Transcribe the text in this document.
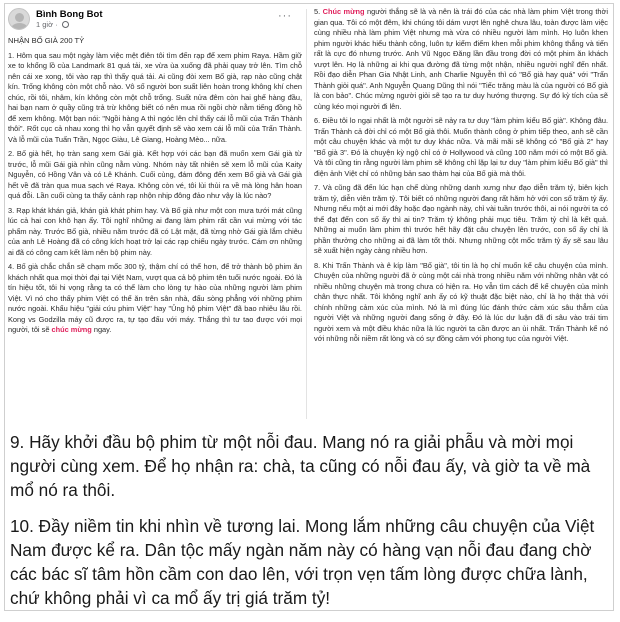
Bình Bong Bot
1 giờ ·
···
NHẬN BỐ GIÀ 200 TỶ

1. Hôm qua sau một ngày làm việc mệt điên tôi tìm đến rạp để xem phim Raya. Hầm giữ xe to khổng lồ của Landmark 81 quá tải, xe vừa ùa xuống đã phải quay trở lên. Tìm chỗ nên cái xe xong, tôi vào rạp thì thấy quá tải. Ai cũng đòi xem Bố già, rạp nào cũng chật kín. Trống không còn một chỗ nào. Vô số người bon suất liên hoàn trong không khí chen chúc, rồi tôi, nhâm, kín không còn một chỗ trống. Suất nửa đêm còn hai ghế hàng đầu, hai bạn nam ở quầy cũng trả trừ không biết có nên mua rồi ngồi chờ nằm tiếng đồng hồ để xem không. Một bạn nói: "Ngồi hàng A thì ngóc lên chỉ thấy cái lỗ mũi của Trấn Thành thôi". Rốt cục cả nhau xong thì họ vẫn quyết định sẽ vào xem cái lỗ mũi của Trấn Thành. Và lỗ mũi của Tuấn Trần, Ngọc Giàu, Lê Giang, Hoàng Mèo... nữa.

2. Bố già hết, họ tràn sang xem Gái già. Kết hợp với các bạn đã muốn xem Gái già từ trước, lỗ mũi Gái già nhìn cũng nằm vùng. Nhóm này tất nhiên sẽ xem lỗ mũi của Kaity Nguyễn, có Hồng Vân và có Lê Khánh. Cuối cùng, đám đông đến xem Bố già và Gái già hết về đã tràn qua mua sạch vé Raya. Không còn vé, tôi lủi thủi ra về mà lòng hân hoan quá đỗi. Lần cuối cùng ta thấy cảnh rạp nhộn nhịp đông đảo như vậy là lúc nào?

3. Rạp khát khán giả, khán giả khát phim hay. Và Bố già như một con mưa tưới mát cũng lúc cả hai con khô hạn ấy. Tôi nghĩ những ai đang làm phim rất cần vui mừng với tác phẩm này. Trước Bố già, nhiều năm trước đã có Lật mặt, đã từng nhờ Gái già lắm chiêu của anh Lê Hoàng đã có công kích hoạt trở lại các rạp chiếu ngày trước. Cám ơn những ai đã có công cam kết làm nên bộ phim này.

4. Bố già chắc chắn sẽ chạm mốc 300 tỷ, thậm chí có thể hơn, để trở thành bộ phim ăn khách nhất qua mọi thời đại tại Việt Nam, vượt qua cả bộ phim tên tuổi nước ngoài. Đó là tín hiệu tốt, tôi hi vọng rằng ta có thể làm cho lòng tự hào của những người làm phim Việt. Vì nó cho thấy phim Việt có thể ăn trên sân nhà, đấu sòng phẳng với những phim nước ngoài. Khẩu hiệu "giải cứu phim Việt" hay "Ủng hộ phim Việt" đã bao nhiêu lâu rồi. Kong vs Godzilla máy cũ được ra, tự tạo đấu với máy. Thắng thì tư tao được với mọi người, tôi sẽ chúc mừng ngay.

5. Chúc mừng người thắng sẽ là và nên là trái đó của các nhà làm phim Việt trong thời gian qua. Tôi có một đêm, khi chúng tôi dám vượt lên nghê chưa lâu, toàn được làm việc cùng nhiều nhà làm phim Việt nhưng mà vừa có nhiều người làm mình. Họ luôn khen phim người khác hiểu thành công, luôn tự kiểm điểm khen mỗi phim không thắng và tiến rất là cực đó nhưng trước. Anh Vũ Ngọc Đăng lần đầu trong đời có một phim ăn khách vượt lên. Họ là những ai khi qua đường đã từng một nhận, nhiều người nghĩ đến nhất. Rồi đạo diễn Phan Gia Nhật Linh, anh Charlie Nguyễn thì có "Bố già hay quá" với "Trấn Thành giỏi quá". Anh Nguyễn Quang Dũng thì nói "Tiếc trăng màu là của người có Bố già là con bảo". Chúc mừng người giỏi sẽ tạo ra tư duy hướng thượng. Sự đó kỳ tích của sẽ cùng kéo mọi người đi lên.

6. Điều tôi lo ngại nhất là một người sẽ nảy ra tư duy "làm phim kiểu Bố già". Không đâu. Trấn Thành cả đời chỉ có một Bố già thôi. Muốn thành công ở phim tiếp theo, anh sẽ cần một câu chuyện khác và một tư duy khác nữa. Và mãi mãi sẽ không có "Bố già 2" hay "Bố già 3". Đó là chuyện kỳ ngộ chỉ có ở Hollywood và cũng 100 năm mới có một Bố già. Và tôi cũng tin rằng người làm phim sẽ không chỉ lặp lại tư duy "làm phim kiểu Bố già" thì điện ảnh Việt chỉ có những bản sao thảm hại của Bố già mà thôi.

7. Và cũng đã đến lúc hạn chế dùng những danh xưng như đạo diễn trăm tỷ, biên kịch trăm tỷ, diễn viên trăm tỷ. Tôi biết có những người đang rất hăm hở với con số trăm tỷ ấy. Nhưng nếu một ai mới đây hoặc đạo ngành này, chỉ vài tuần trước thôi, ai nói người ta có thể đạt đến con số ấy thì ai tin? Trăm tỷ không phải mục tiêu. Trăm tỷ chỉ là kết quả. Những ai muốn làm phim thì trước hết hãy đặt câu chuyện lên trước, con số ấy chỉ là phần thưởng cho những ai đã làm tốt thôi. Nhưng những cột mốc trăm tỷ ấy sẽ sau lâu sẽ xuất hiện ngày càng nhiều hơn.

8. Khi Trấn Thành và ê kíp làm "Bố già", tôi tin là họ chỉ muốn kể câu chuyện của mình. Chuyện của những người đã ở cùng một cái nhà trong nhiều năm với những nhân vật có nhiều những chuyện mà trong chưa có hiện ra. Họ vẫn tìm cách để kể chuyện của mình chân thực nhất. Tôi không nghĩ anh ấy có kỹ thuật đặc biệt nào, chỉ là họ thật thà với chính những cảm xúc của mình. Nó là mì đúng lúc đánh thức cảm xúc sâu thẳm của người Việt và những người đang sống ở đây. Đó là lúc dư luận đã đi sâu vào trái tim người xem và một điều khác nữa là lúc người ta cần được an ủi nhất. Trấn Thành kể nó với những nỗi niềm rất lòng và có sự đồng cảm với phong tục của người Việt.

9. Hãy khởi đầu bộ phim từ một nỗi đau. Mang nó ra giải phẫu và mời mọi người cùng xem. Để họ nhận ra: chà, ta cũng có nỗi đau ấy, và giờ ta về mà mổ nó ra thôi.

10. Đầy niềm tin khi nhìn về tương lai. Mong lắm những câu chuyện của Việt Nam được kể ra. Dân tộc mấy ngàn năm này có hàng vạn nỗi đau đang chờ các bác sĩ tâm hồn cầm con dao lên, với trọn vẹn tấm lòng được chữa lành, chứ không phải vì ca mổ ấy trị giá trăm tỷ!
